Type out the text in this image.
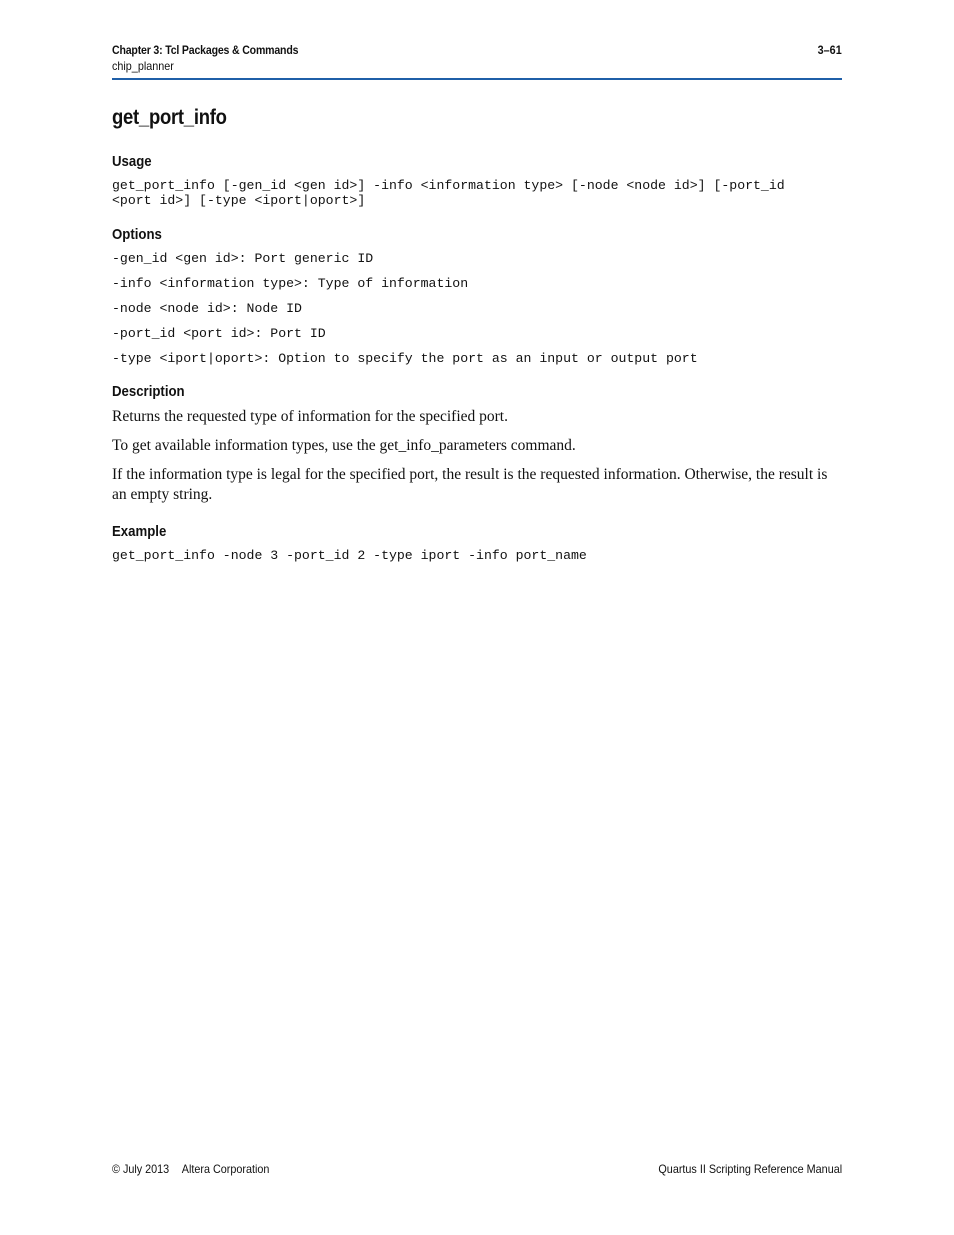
Chapter 3: Tcl Packages & Commands	3–61
chip_planner
get_port_info
Usage
get_port_info [-gen_id <gen id>] -info <information type> [-node <node id>] [-port_id
<port id>] [-type <iport|oport>]
Options
-gen_id <gen id>: Port generic ID
-info <information type>: Type of information
-node <node id>: Node ID
-port_id <port id>: Port ID
-type <iport|oport>: Option to specify the port as an input or output port
Description

Returns the requested type of information for the specified port.

To get available information types, use the get_info_parameters command.

If the information type is legal for the specified port, the result is the requested information. Otherwise, the result is an empty string.

Example
get_port_info -node 3 -port_id 2 -type iport -info port_name
© July 2013 Altera Corporation	Quartus II Scripting Reference Manual
